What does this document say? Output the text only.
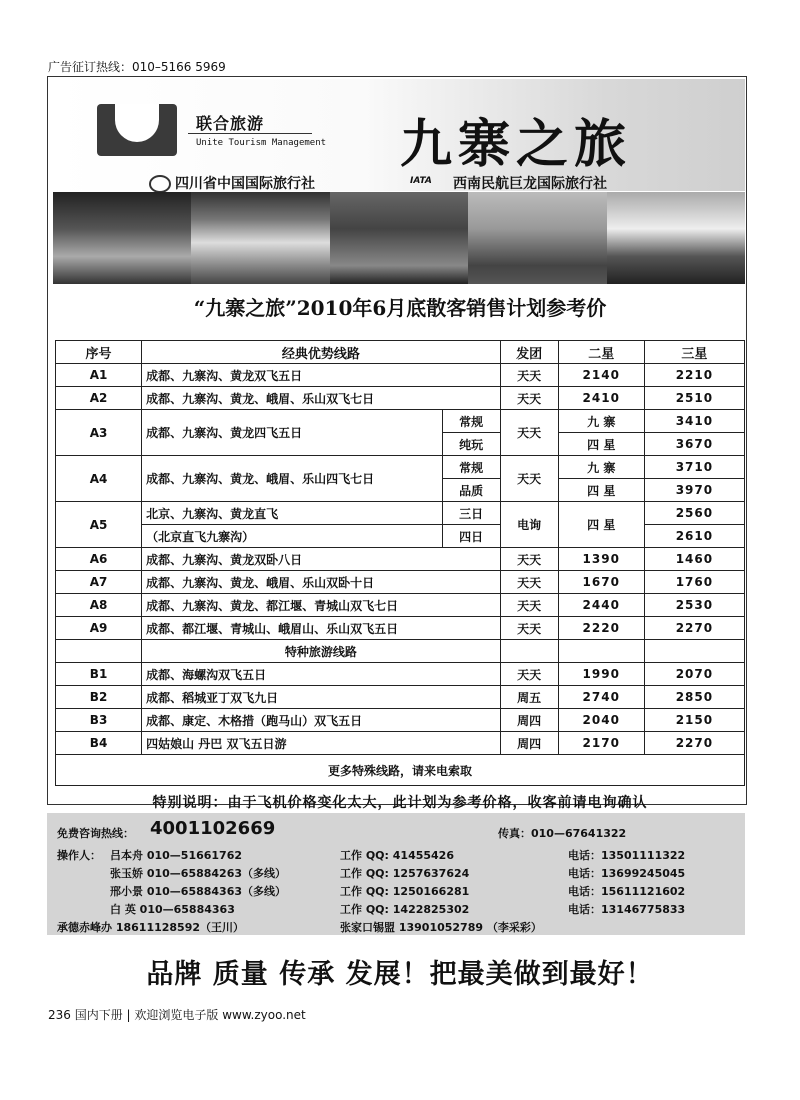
广告征订热线：010–5166 5969
联合旅游
Unite Tourism Management 九寨之旅
四川省中国国际旅行社	IATA 西南民航巨龙国际旅行社
“九寨之旅”2010年6月底散客销售计划参考价
序号	经典优势线路		发团	二星	三星
A1	成都、九寨沟、黄龙双飞五日		天天	2140	2210
A2	成都、九寨沟、黄龙、峨眉、乐山双飞七日		天天	2410	2510
A3	成都、九寨沟、黄龙四飞五日	常规	天天	九 寨	3410
		纯玩		四 星	3670
A4	成都、九寨沟、黄龙、峨眉、乐山四飞七日	常规	天天	九 寨	3710
		品质		四 星	3970
A5	北京、九寨沟、黄龙直飞	三日	电询	四 星	2560
	（北京直飞九寨沟）	四日			2610
A6	成都、九寨沟、黄龙双卧八日		天天	1390	1460
A7	成都、九寨沟、黄龙、峨眉、乐山双卧十日		天天	1670	1760
A8	成都、九寨沟、黄龙、都江堰、青城山双飞七日		天天	2440	2530
A9	成都、都江堰、青城山、峨眉山、乐山双飞五日		天天	2220	2270
	特种旅游线路				
B1	成都、海螺沟双飞五日		天天	1990	2070
B2	成都、稻城亚丁双飞九日		周五	2740	2850
B3	成都、康定、木格措（跑马山）双飞五日		周四	2040	2150
B4	四姑娘山 丹巴 双飞五日游		周四	2170	2270
更多特殊线路，请来电索取					
特别说明：由于飞机价格变化太大，此计划为参考价格，收客前请电询确认
免费咨询热线： 4001102669	传真：010—67641322
操作人： 吕本舟 010—51661762	工作 QQ: 41455426	电话：13501111322
张玉娇 010—65884263（多线）	工作 QQ: 1257637624	电话：13699245045
邢小景 010—65884363（多线）	工作 QQ: 1250166281	电话：15611121602
白 英 010—65884363	工作 QQ: 1422825302	电话：13146775833
承德赤峰办 18611128592（王川）	张家口锡盟 13901052789 （李采彩）
品牌 质量 传承 发展！把最美做到最好！
236 国内下册 | 欢迎浏览电子版 www.zyoo.net
